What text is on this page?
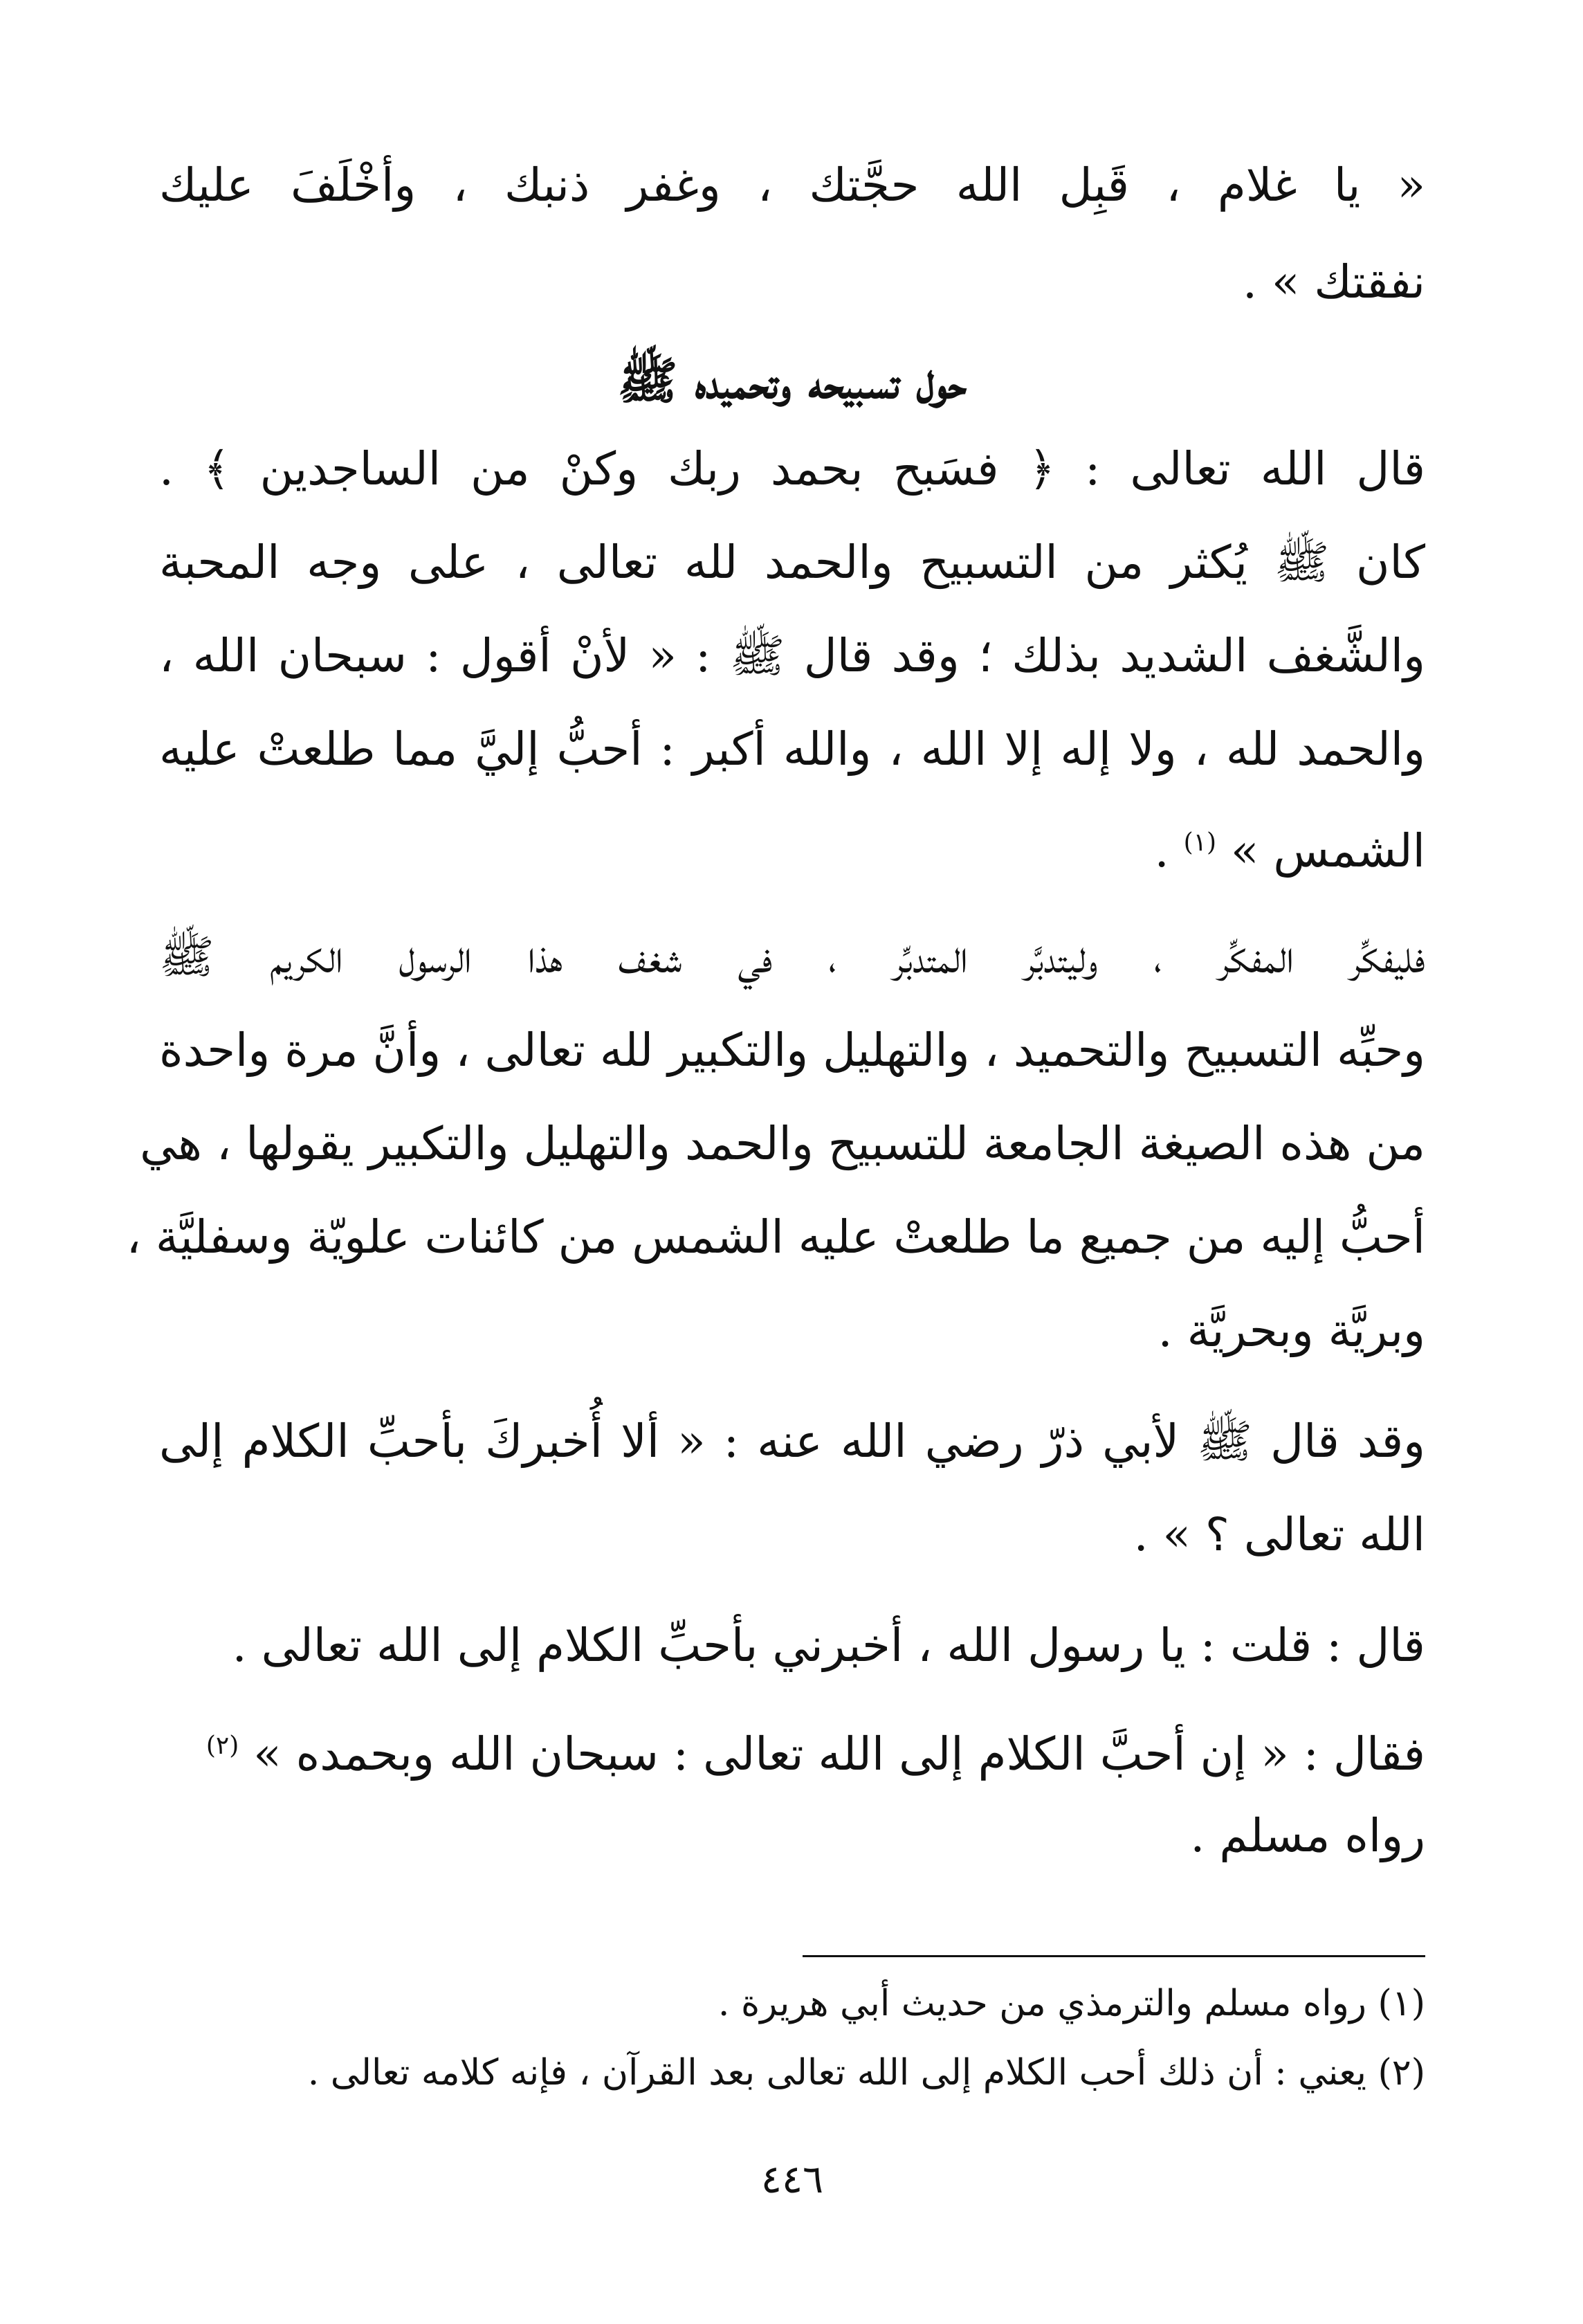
« يا غلام ، قَبِل الله حجَّتك ، وغفر ذنبك ، وأخْلَفَ عليك
نفقتك » .
حول تسبيحه وتحميده ﷺ
قال الله تعالى : ﴿ فسَبح بحمد ربك وكنْ من الساجدين ﴾ .
كان ﷺ يُكثر من التسبيح والحمد لله تعالى ، على وجه المحبة
والشَّغف الشديد بذلك ؛ وقد قال ﷺ : « لأنْ أقول : سبحان الله ،
والحمد لله ، ولا إله إلا الله ، والله أكبر : أحبُّ إليَّ مما طلعتْ عليه
الشمس » $^{(١)}$ .
فليفكِّر المفكِّر ، وليتدبَّر المتدبِّر ، في شغف هذا الرسول الكريم ﷺ
وحبِّه التسبيح والتحميد ، والتهليل والتكبير لله تعالى ، وأنَّ مرة واحدة
من هذه الصيغة الجامعة للتسبيح والحمد والتهليل والتكبير يقولها ، هي
أحبُّ إليه من جميع ما طلعتْ عليه الشمس من كائنات علويّة وسفليَّة ،
وبريَّة وبحريَّة .
وقد قال ﷺ لأبي ذرّ رضي الله عنه : « ألا أُخبركَ بأحبِّ الكلام إلى
الله تعالى ؟ » .
قال : قلت : يا رسول الله ، أخبرني بأحبِّ الكلام إلى الله تعالى .
فقال : « إن أحبَّ الكلام إلى الله تعالى : سبحان الله وبحمده » $^{(٢)}$
رواه مسلم .
(١) رواه مسلم والترمذي من حديث أبي هريرة .
(٢) يعني : أن ذلك أحب الكلام إلى الله تعالى بعد القرآن ، فإنه كلامه تعالى .
٤٤٦
